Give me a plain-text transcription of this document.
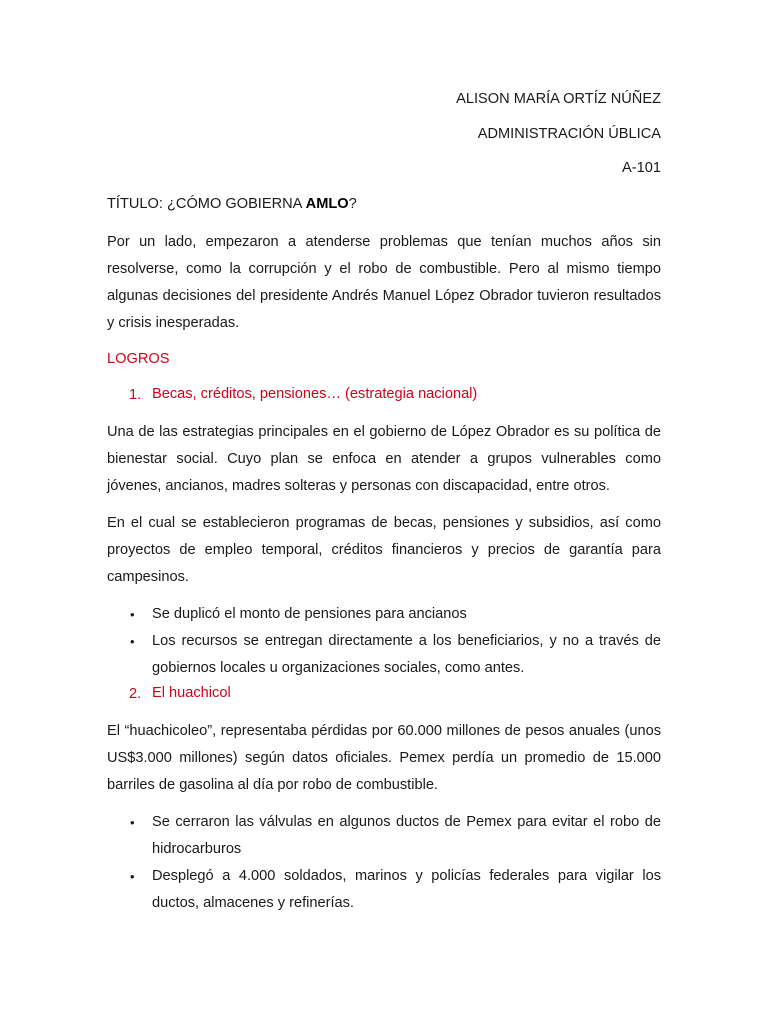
ALISON MARÍA ORTÍZ NÚÑEZ
ADMINISTRACIÓN ÚBLICA
A-101
TÍTULO: ¿CÓMO GOBIERNA AMLO?
Por un lado, empezaron a atenderse problemas que tenían muchos años sin resolverse, como la corrupción y el robo de combustible. Pero al mismo tiempo algunas decisiones del presidente Andrés Manuel López Obrador tuvieron resultados y crisis inesperadas.
LOGROS
1. Becas, créditos, pensiones… (estrategia nacional)
Una de las estrategias principales en el gobierno de López Obrador es su política de bienestar social. Cuyo plan se enfoca en atender a grupos vulnerables como jóvenes, ancianos, madres solteras y personas con discapacidad, entre otros.
En el cual se establecieron programas de becas, pensiones y subsidios, así como proyectos de empleo temporal, créditos financieros y precios de garantía para campesinos.
• Se duplicó el monto de pensiones para ancianos
• Los recursos se entregan directamente a los beneficiarios, y no a través de gobiernos locales u organizaciones sociales, como antes.
2. El huachicol
El “huachicoleo”, representaba pérdidas por 60.000 millones de pesos anuales (unos US$3.000 millones) según datos oficiales. Pemex perdía un promedio de 15.000 barriles de gasolina al día por robo de combustible.
• Se cerraron las válvulas en algunos ductos de Pemex para evitar el robo de hidrocarburos
• Desplegó a 4.000 soldados, marinos y policías federales para vigilar los ductos, almacenes y refinerías.
